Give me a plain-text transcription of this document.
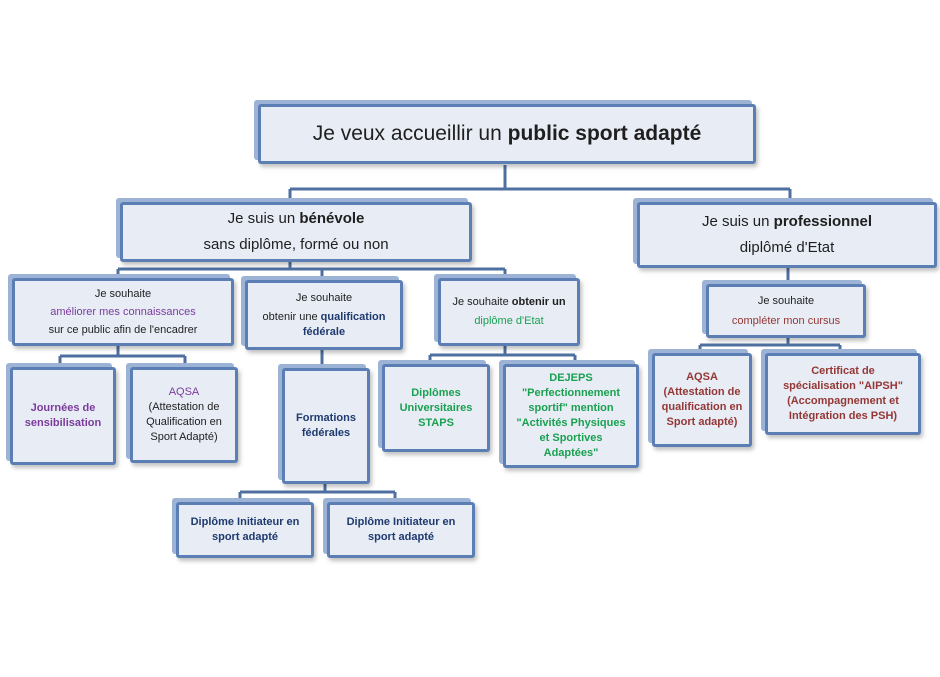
Je veux accueillir un public sport adapté
Je suis un bénévole
sans diplôme, formé ou non
Je suis un professionnel
diplômé d'Etat
Je souhaite
améliorer mes connaissances
sur ce public afin de l'encadrer
Je souhaite
obtenir une qualification
fédérale
Je souhaite obtenir un
diplôme d'Etat
Je souhaite
compléter mon cursus
Journées de
sensibilisation
AQSA
(Attestation de
Qualification en
Sport Adapté)
Formations
fédérales
Diplômes
Universitaires
STAPS
DEJEPS
"Perfectionnement
sportif" mention
"Activités Physiques
et Sportives
Adaptées"
AQSA
(Attestation de
qualification en
Sport adapté)
Certificat de
spécialisation "AIPSH"
(Accompagnement et
Intégration des PSH)
Diplôme Initiateur en
sport adapté
Diplôme Initiateur en
sport adapté
